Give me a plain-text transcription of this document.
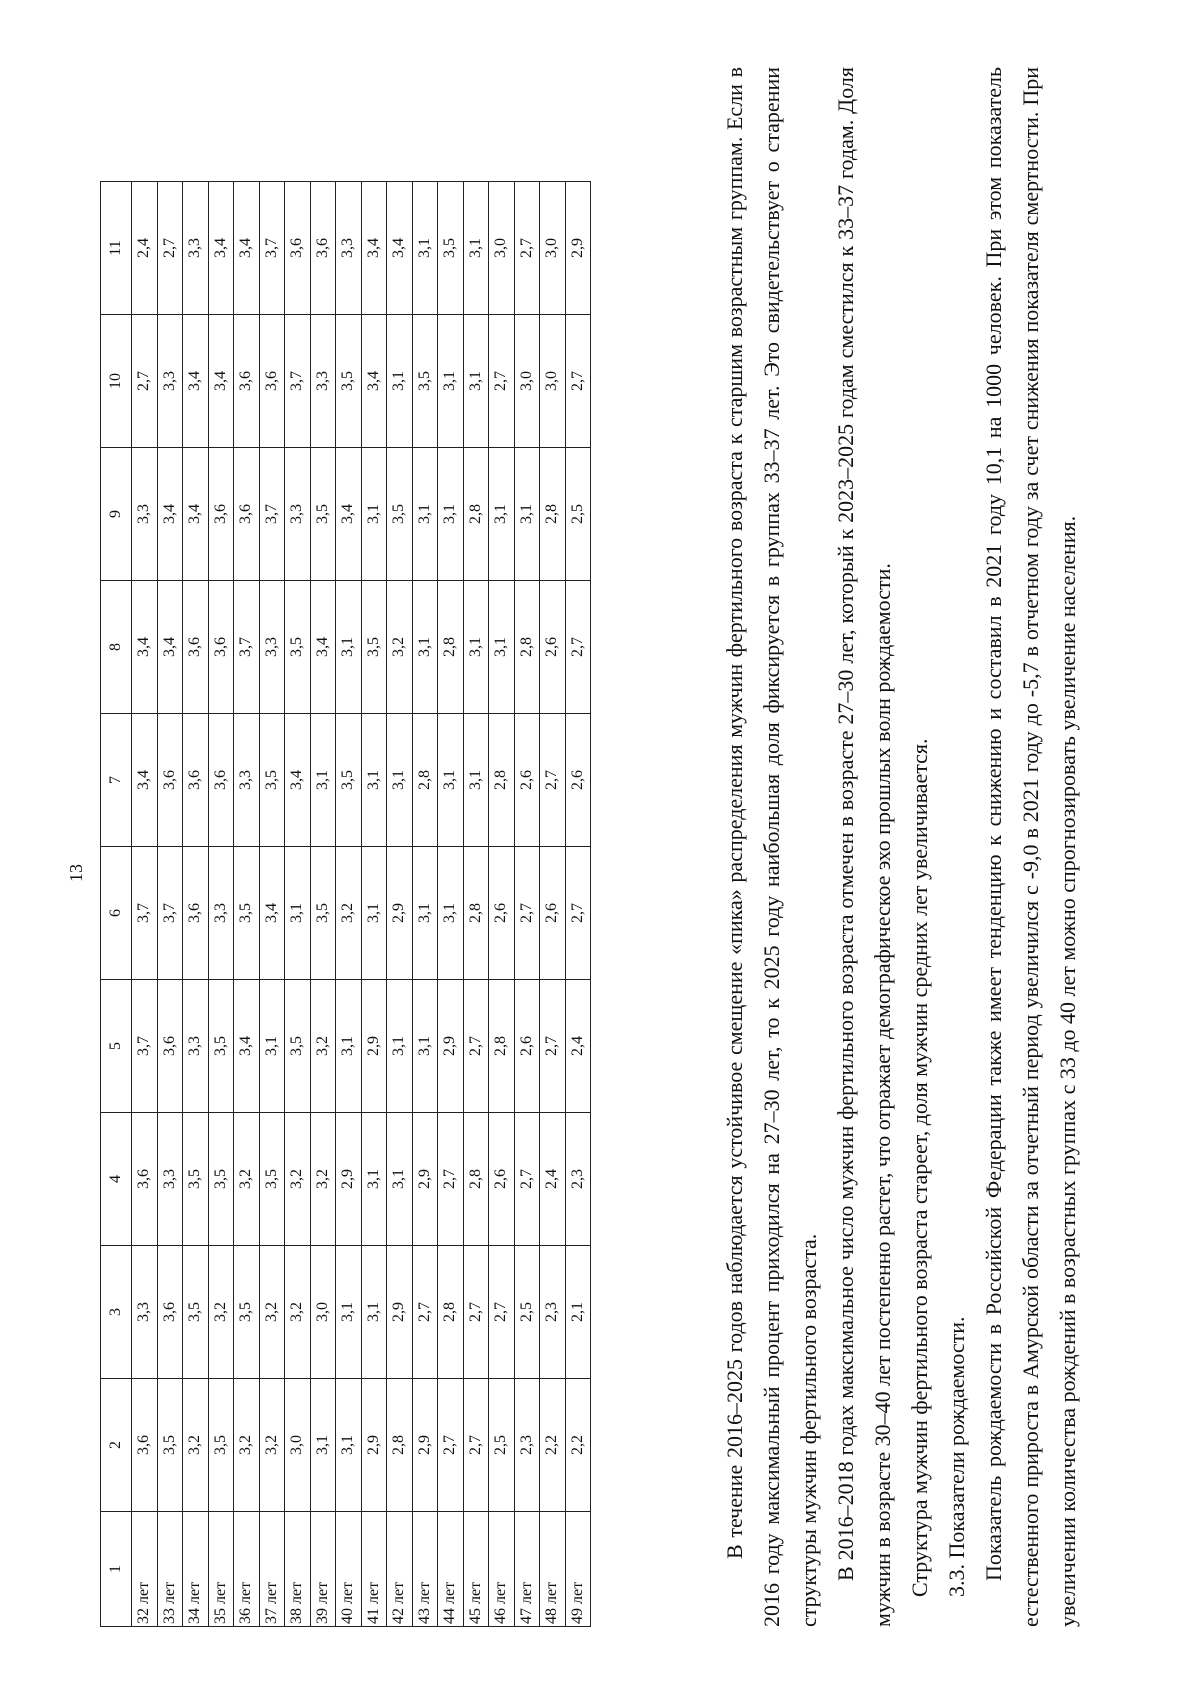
13
1	2	3	4	5	6	7	8	9	10	11
32 лет	3,6	3,3	3,6	3,7	3,7	3,4	3,4	3,3	2,7	2,4
33 лет	3,5	3,6	3,3	3,6	3,7	3,6	3,4	3,4	3,3	2,7
34 лет	3,2	3,5	3,5	3,3	3,6	3,6	3,6	3,4	3,4	3,3
35 лет	3,5	3,2	3,5	3,5	3,3	3,6	3,6	3,6	3,4	3,4
36 лет	3,2	3,5	3,2	3,4	3,5	3,3	3,7	3,6	3,6	3,4
37 лет	3,2	3,2	3,5	3,1	3,4	3,5	3,3	3,7	3,6	3,7
38 лет	3,0	3,2	3,2	3,5	3,1	3,4	3,5	3,3	3,7	3,6
39 лет	3,1	3,0	3,2	3,2	3,5	3,1	3,4	3,5	3,3	3,6
40 лет	3,1	3,1	2,9	3,1	3,2	3,5	3,1	3,4	3,5	3,3
41 лет	2,9	3,1	3,1	2,9	3,1	3,1	3,5	3,1	3,4	3,4
42 лет	2,8	2,9	3,1	3,1	2,9	3,1	3,2	3,5	3,1	3,4
43 лет	2,9	2,7	2,9	3,1	3,1	2,8	3,1	3,1	3,5	3,1
44 лет	2,7	2,8	2,7	2,9	3,1	3,1	2,8	3,1	3,1	3,5
45 лет	2,7	2,7	2,8	2,7	2,8	3,1	3,1	2,8	3,1	3,1
46 лет	2,5	2,7	2,6	2,8	2,6	2,8	3,1	3,1	2,7	3,0
47 лет	2,3	2,5	2,7	2,6	2,7	2,6	2,8	3,1	3,0	2,7
48 лет	2,2	2,3	2,4	2,7	2,6	2,7	2,6	2,8	3,0	3,0
49 лет	2,2	2,1	2,3	2,4	2,7	2,6	2,7	2,5	2,7	2,9	В течение 2016–2025 годов наблюдается устойчивое смещение «пика» распределения мужчин фертильного возраста к старшим возрастным группам. Если в 2016 году максимальный процент приходился на 27–30 лет, то к 2025 году наибольшая доля фиксируется в группах 33–37 лет. Это свидетельствует о старении структуры мужчин фертильного возраста. В 2016–2018 годах максимальное число мужчин фертильного возраста отмечен в возрасте 27–30 лет, который к 2023–2025 годам сместился к 33–37 годам. Доля мужчин в возрасте 30–40 лет постепенно растет, что отражает демографическое эхо прошлых волн рождаемости. Структура мужчин фертильного возраста стареет, доля мужчин средних лет увеличивается. 3.3. Показатели рождаемости. Показатель рождаемости в Российской Федерации также имеет тенденцию к снижению и составил в 2021 году 10,1 на 1000 человек. При этом показатель естественного прироста в Амурской области за отчетный период увеличился с -9,0 в 2021 году до -5,7 в отчетном году за счет снижения показателя смертности. При увеличении количества рождений в возрастных группах с 33 до 40 лет можно спрогнозировать увеличение населения.
